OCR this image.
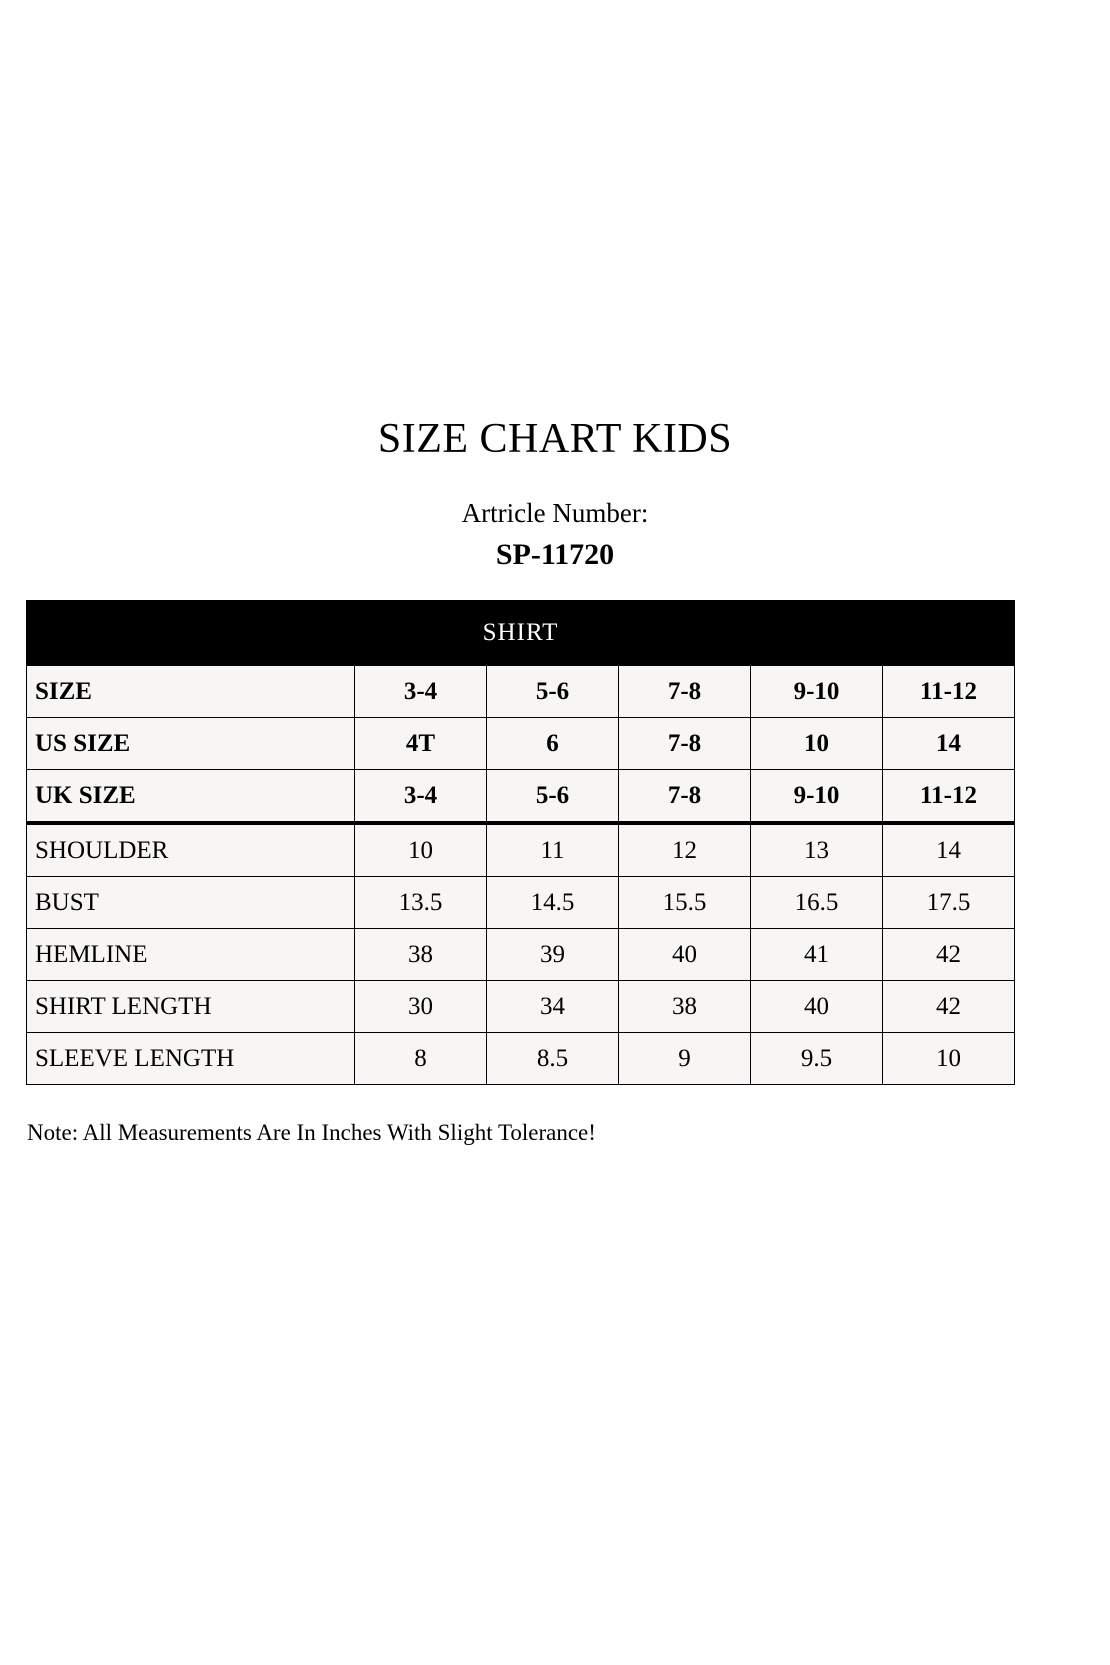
SIZE CHART KIDS
Artricle Number:
SP-11720
SHIRT					
SIZE	3-4	5-6	7-8	9-10	11-12
US SIZE	4T	6	7-8	10	14
UK SIZE	3-4	5-6	7-8	9-10	11-12
SHOULDER	10	11	12	13	14
BUST	13.5	14.5	15.5	16.5	17.5
HEMLINE	38	39	40	41	42
SHIRT LENGTH	30	34	38	40	42
SLEEVE LENGTH	8	8.5	9	9.5	10
Note: All Measurements Are In Inches With Slight Tolerance!
